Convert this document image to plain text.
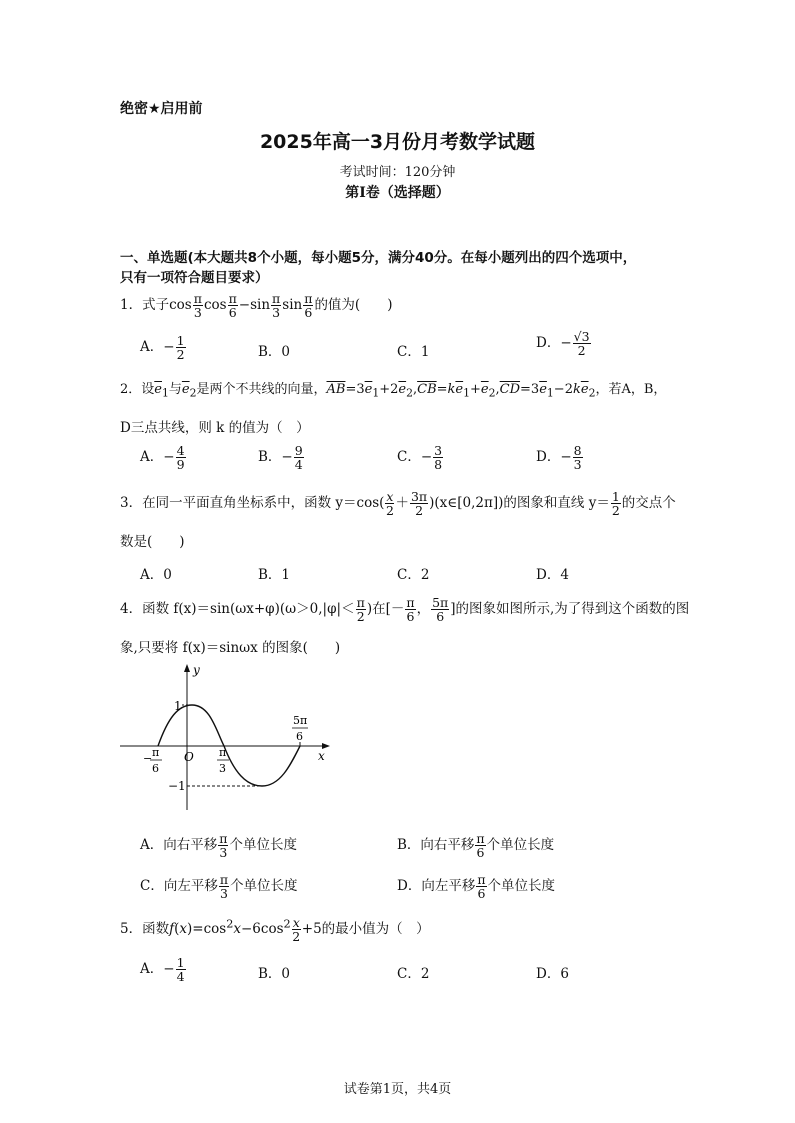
绝密★启用前
2025年高一3月份月考数学试题
考试时间：120分钟
第I卷（选择题）
一、单选题(本大题共8个小题，每小题5分，满分40分。在每小题列出的四个选项中，
只有一项符合题目要求）
1．式子$\cos \frac{\pi}{3}$ $\cos \frac{\pi}{6} -\sin \frac{\pi}{3}$ $\sin \frac{\pi}{6}$ 的值为(　　)
A．− $\frac{1}{2}$	B．0	C．1
D．− $\frac{√3}{2}$
2．设$\overline{e}_1$与$\overline{e}_2$是两个不共线的向量，$\overline{AB}=3\overline{e}_1+2\overline{e}_2,\overline{CB}=k\overline{e}_1+\overline{e}_2,\overline{CD}=3\overline{e}_1-2k\overline{e}_2$，若A，B，
D三点共线，则 k 的值为（　）
A．− $\frac{4}{9}$	B．− $\frac{9}{4}$	C．− $\frac{3}{8}$	D．− $\frac{8}{3}$
3．在同一平面直角坐标系中，函数 $y=\cos( \frac{x}{2} + \frac{3\pi}{2}$ )(x∈[0,2π])的图象和直线 $y= \frac{1}{2}$ 的交点个
数是(　　)
A．0	B．1	C．2	D．4
4．函数 $f(x)=\sin(\omega x+\varphi)(\omega>0,|\varphi|< \frac{\pi}{2}$ )在[－ $\frac{\pi}{6}$ ， $\frac{5\pi}{6}$ ]的图象如图所示,为了得到这个函数的图
象,只要将 f(x)＝sinωx 的图象(　　)
y
x
O
1
−1
− π
6
π
3
5π
6
A．向右平移 $\frac{\pi}{3}$ 个单位长度	B．向右平移 $\frac{\pi}{6}$ 个单位长度
C．向左平移 $\frac{\pi}{3}$ 个单位长度	D．向左平移 $\frac{\pi}{6}$ 个单位长度
5．函数$f(x)=\cos^2x-6\cos^2 \frac{x}{2} +5$的最小值为（　）
A．− $\frac{1}{4}$	B．0	C．2	D．6
试卷第1页，共4页
